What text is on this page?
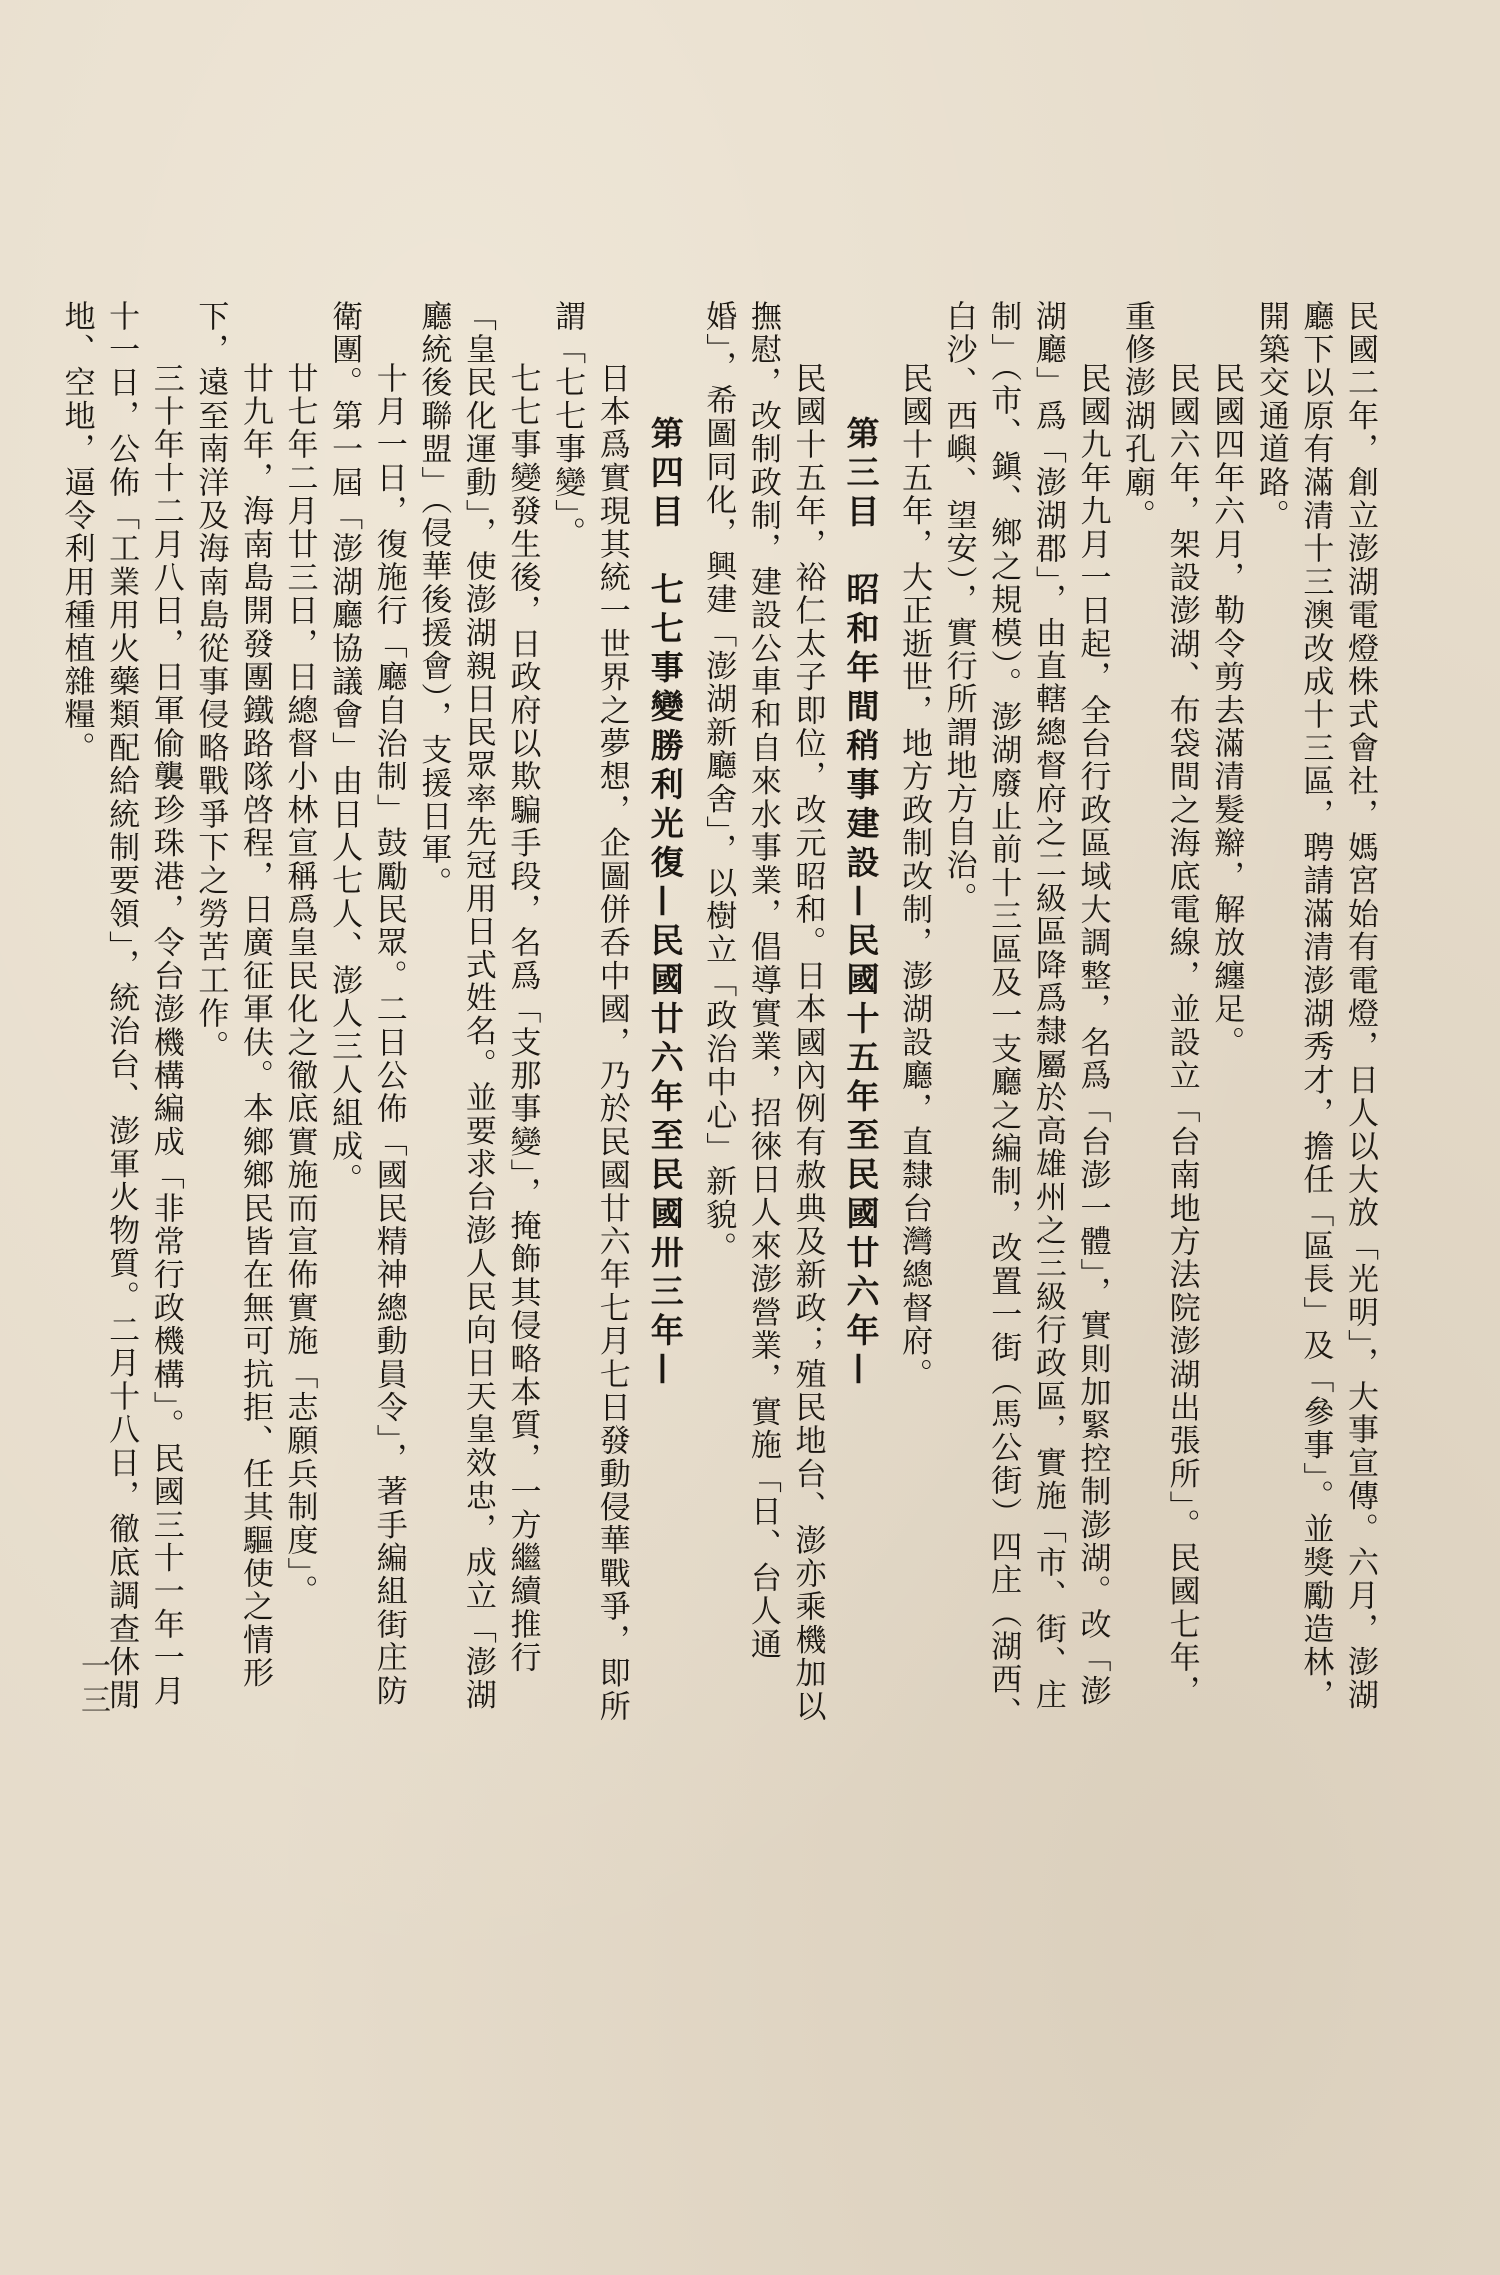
民國二年，創立澎湖電燈株式會社，媽宮始有電燈，日人以大放「光明」，大事宣傳。六月，澎湖廳下以原有滿清十三澳改成十三區，聘請滿清澎湖秀才，擔任「區長」及「參事」。並獎勵造林，開築交通道路。

民國四年六月，勒令剪去滿清髮辮，解放纏足。

民國六年，架設澎湖、布袋間之海底電線，並設立「台南地方法院澎湖出張所」。民國七年，重修澎湖孔廟。

民國九年九月一日起，全台行政區域大調整，名爲「台澎一體」，實則加緊控制澎湖。改「澎湖廳」爲「澎湖郡」，由直轄總督府之二級區降爲隸屬於高雄州之三級行政區，實施「市、街、庄制」（市、鎭、鄉之規模）。澎湖廢止前十三區及一支廳之編制，改置一街（馬公街）四庄（湖西、白沙、西嶼、望安），實行所謂地方自治。

民國十五年，大正逝世，地方政制改制，澎湖設廳，直隸台灣總督府。

第三目　昭和年間稍事建設—民國十五年至民國廿六年—

民國十五年，裕仁太子即位，改元昭和。日本國內例有赦典及新政；殖民地台、澎亦乘機加以撫慰，改制政制，建設公車和自來水事業，倡導實業，招徠日人來澎營業，實施「日、台人通婚」，希圖同化，興建「澎湖新廳舍」，以樹立「政治中心」新貌。

第四目　七七事變勝利光復—民國廿六年至民國卅三年—

日本爲實現其統一世界之夢想，企圖併呑中國，乃於民國廿六年七月七日發動侵華戰爭，即所謂「七七事變」。

七七事變發生後，日政府以欺騙手段，名爲「支那事變」，掩飾其侵略本質，一方繼續推行「皇民化運動」，使澎湖親日民眾率先冠用日式姓名。並要求台澎人民向日天皇效忠，成立「澎湖廳統後聯盟」（侵華後援會），支援日軍。

十月一日，復施行「廳自治制」鼓勵民眾。二日公佈「國民精神總動員令」，著手編組街庄防衛團。第一屆「澎湖廳協議會」由日人七人、澎人三人組成。

廿七年二月廿三日，日總督小林宣稱爲皇民化之徹底實施而宣佈實施「志願兵制度」。

廿九年，海南島開發團鐵路隊啓程，日廣征軍伕。本鄉鄉民皆在無可抗拒、任其驅使之情形下，遠至南洋及海南島從事侵略戰爭下之勞苦工作。

三十年十二月八日，日軍偷襲珍珠港，令台澎機構編成「非常行政機構」。民國三十一年一月十一日，公佈「工業用火藥類配給統制要領」，統治台、澎軍火物質。二月十八日，徹底調查休閒地、空地，逼令利用種植雜糧。

一三
